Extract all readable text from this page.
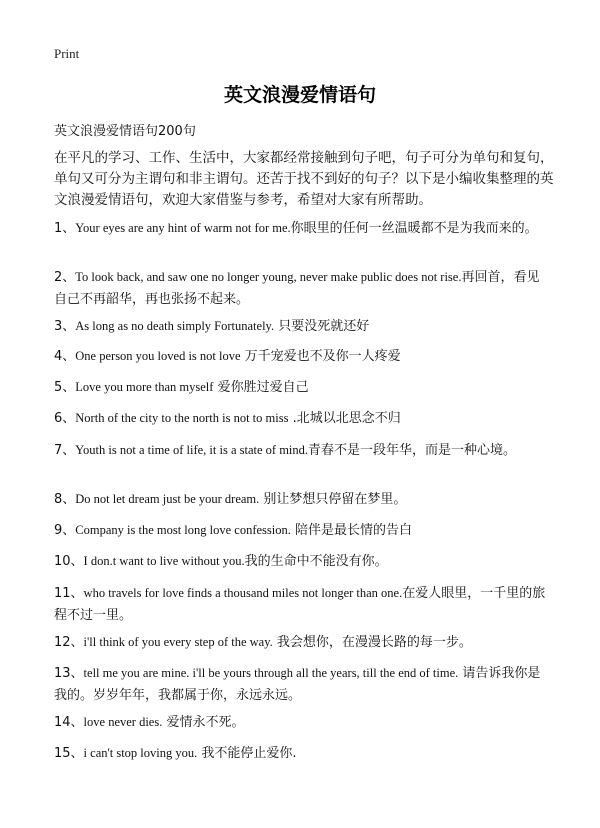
Print
英文浪漫爱情语句
英文浪漫爱情语句200句
在平凡的学习、工作、生活中，大家都经常接触到句子吧，句子可分为单句和复句，单句又可分为主谓句和非主谓句。还苦于找不到好的句子？以下是小编收集整理的英文浪漫爱情语句，欢迎大家借鉴与参考，希望对大家有所帮助。
1、Your eyes are any hint of warm not for me.你眼里的任何一丝温暖都不是为我而来的。
2、To look back, and saw one no longer young, never make public does not rise.再回首，看见自己不再韶华，再也张扬不起来。
3、As long as no death simply Fortunately. 只要没死就还好
4、One person you loved is not love 万千宠爱也不及你一人疼爱
5、Love you more than myself 爱你胜过爱自己
6、North of the city to the north is not to miss .北城以北思念不归
7、Youth is not a time of life, it is a state of mind.青春不是一段年华，而是一种心境。
8、Do not let dream just be your dream. 别让梦想只停留在梦里。
9、Company is the most long love confession. 陪伴是最长情的告白
10、I don.t want to live without you.我的生命中不能没有你。
11、who travels for love finds a thousand miles not longer than one.在爱人眼里，一千里的旅程不过一里。
12、i'll think of you every step of the way. 我会想你，在漫漫长路的每一步。
13、tell me you are mine. i'll be yours through all the years, till the end of time. 请告诉我你是我的。岁岁年年，我都属于你，永远永远。
14、love never dies. 爱情永不死。
15、i can't stop loving you. 我不能停止爱你.
